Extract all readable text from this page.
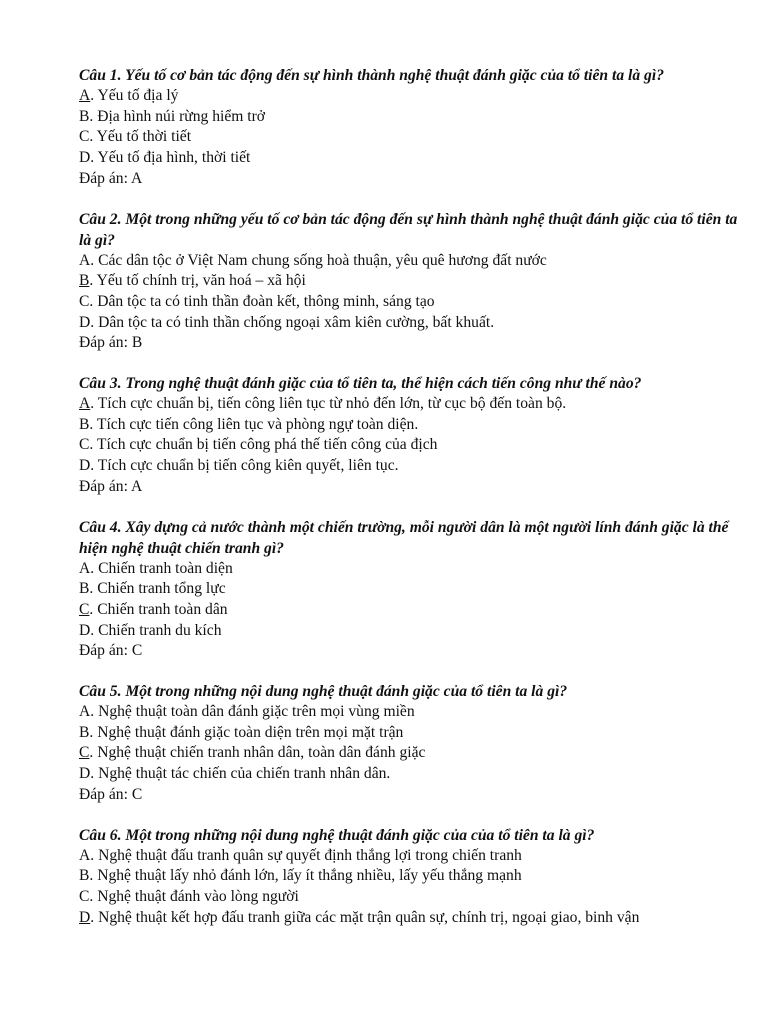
Câu 1. Yếu tố cơ bản tác động đến sự hình thành nghệ thuật đánh giặc của tổ tiên ta là gì?

A. Yếu tố địa lý

B. Địa hình núi rừng hiểm trở

C. Yếu tố thời tiết

D. Yếu tố địa hình, thời tiết

Đáp án: A

Câu 2. Một trong những yếu tố cơ bản tác động đến sự hình thành nghệ thuật đánh giặc của tổ tiên ta là gì?

A. Các dân tộc ở Việt Nam chung sống hoà thuận, yêu quê hương đất nước

B. Yếu tố chính trị, văn hoá – xã hội

C. Dân tộc ta có tinh thần đoàn kết, thông minh, sáng tạo

D. Dân tộc ta có tinh thần chống ngoại xâm kiên cường, bất khuất.

Đáp án: B

Câu 3. Trong nghệ thuật đánh giặc của tổ tiên ta, thể hiện cách tiến công như thế nào?

A. Tích cực chuẩn bị, tiến công liên tục từ nhỏ đến lớn, từ cục bộ đến toàn bộ.

B. Tích cực tiến công liên tục và phòng ngự toàn diện.

C. Tích cực chuẩn bị tiến công phá thế tiến công của địch

D. Tích cực chuẩn bị tiến công kiên quyết, liên tục.

Đáp án: A

Câu 4. Xây dựng cả nước thành một chiến trường, mỗi người dân là một người lính đánh giặc là thể hiện nghệ thuật chiến tranh gì?

A. Chiến tranh toàn diện

B. Chiến tranh tổng lực

C. Chiến tranh toàn dân

D. Chiến tranh du kích

Đáp án: C

Câu 5. Một trong những nội dung nghệ thuật đánh giặc của tổ tiên ta là gì?

A. Nghệ thuật toàn dân đánh giặc trên mọi vùng miền

B. Nghệ thuật đánh giặc toàn diện trên mọi mặt trận

C. Nghệ thuật chiến tranh nhân dân, toàn dân đánh giặc

D. Nghệ thuật tác chiến của chiến tranh nhân dân.

Đáp án: C

Câu 6. Một trong những nội dung nghệ thuật đánh giặc của của tổ tiên ta là gì?

A. Nghệ thuật đấu tranh quân sự quyết định thắng lợi trong chiến tranh

B. Nghệ thuật lấy nhỏ đánh lớn, lấy ít thắng nhiều, lấy yếu thắng mạnh

C. Nghệ thuật đánh vào lòng người

D. Nghệ thuật kết hợp đấu tranh giữa các mặt trận quân sự, chính trị, ngoại giao, binh vận
